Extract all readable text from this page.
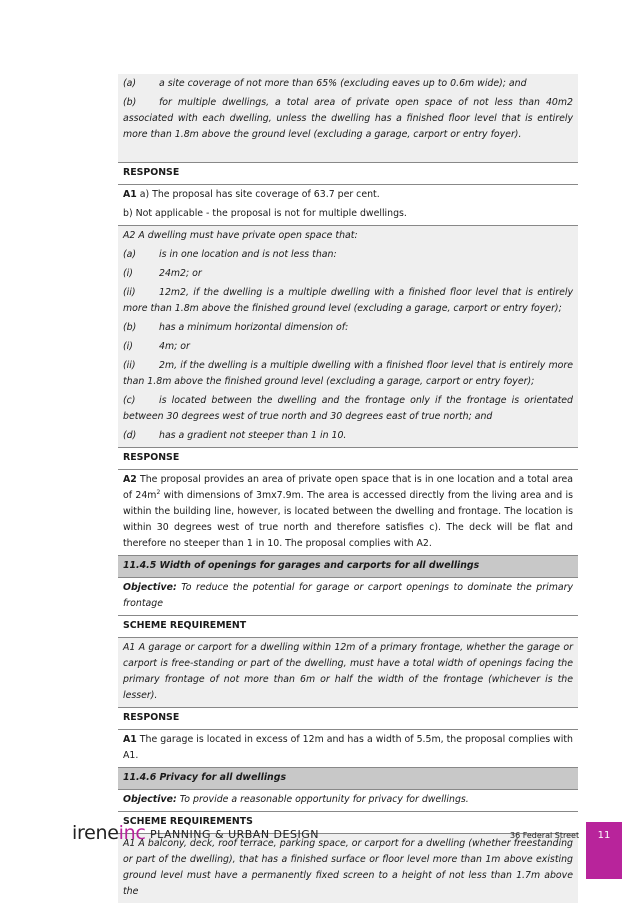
(a) a site coverage of not more than 65% (excluding eaves up to 0.6m wide); and

(b) for multiple dwellings, a total area of private open space of not less than 40m2 associated with each dwelling, unless the dwelling has a finished floor level that is entirely more than 1.8m above the ground level (excluding a garage, carport or entry foyer).

RESPONSE

A1 a) The proposal has site coverage of 63.7 per cent.

b) Not applicable - the proposal is not for multiple dwellings.

A2 A dwelling must have private open space that:

(a) is in one location and is not less than:

(i)	24m2; or

(ii) 12m2, if the dwelling is a multiple dwelling with a finished floor level that is entirely more than 1.8m above the finished ground level (excluding a garage, carport or entry foyer);

(b) has a minimum horizontal dimension of:

(i)	4m; or

(ii) 2m, if the dwelling is a multiple dwelling with a finished floor level that is entirely more than 1.8m above the finished ground level (excluding a garage, carport or entry foyer);

(c)	is located between the dwelling and the frontage only if the frontage is orientated between 30 degrees west of true north and 30 degrees east of true north; and

(d) has a gradient not steeper than 1 in 10.

RESPONSE

A2 The proposal provides an area of private open space that is in one location and a total area of $24m^2$ with dimensions of 3mx7.9m. The area is accessed directly from the living area and is within the building line, however, is located between the dwelling and frontage. The location is within 30 degrees west of true north and therefore satisfies c). The deck will be flat and therefore no steeper than 1 in 10. The proposal complies with A2.

11.4.5 Width of openings for garages and carports for all dwellings

Objective: To reduce the potential for garage or carport openings to dominate the primary frontage

SCHEME REQUIREMENT

A1 A garage or carport for a dwelling within 12m of a primary frontage, whether the garage or carport is free-standing or part of the dwelling, must have a total width of openings facing the primary frontage of not more than 6m or half the width of the frontage (whichever is the lesser).

RESPONSE

A1 The garage is located in excess of 12m and has a width of 5.5m, the proposal complies with A1.

11.4.6 Privacy for all dwellings

Objective: To provide a reasonable opportunity for privacy for dwellings.

SCHEME REQUIREMENTS

A1 A balcony, deck, roof terrace, parking space, or carport for a dwelling (whether freestanding or part of the dwelling), that has a finished surface or floor level more than 1m above existing ground level must have a permanently fixed screen to a height of not less than 1.7m above the

ireneinc PLANNING & URBAN DESIGN	36 Federal Street	11
